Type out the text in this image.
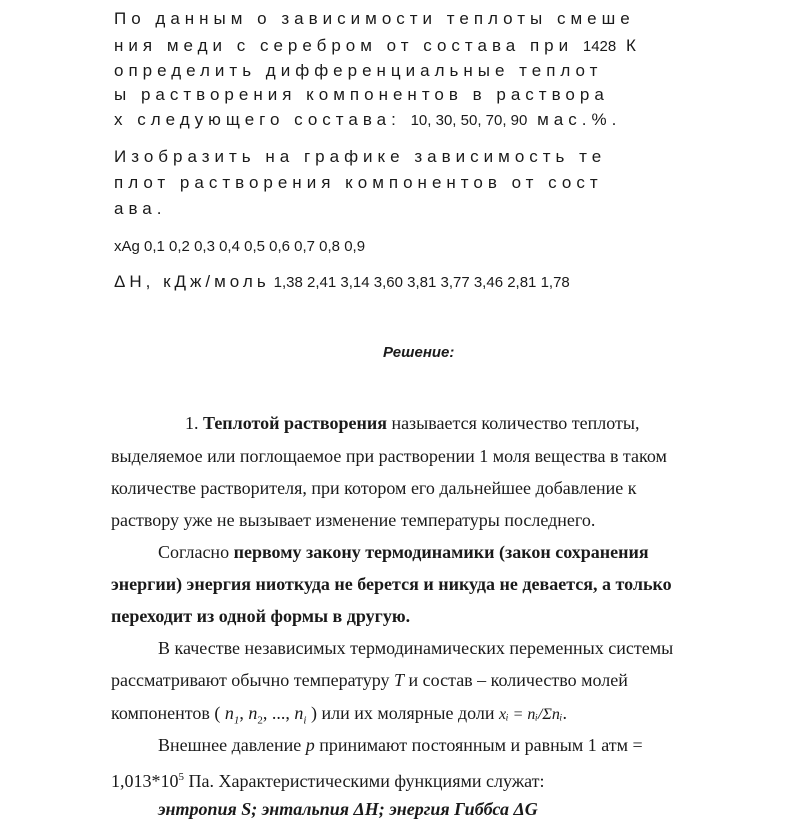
По данным о зависимости теплоты смеше
ния меди с серебром от состава при 1428 К
определить дифференциальные теплот
ы растворения компонентов в раствора
х следующего состава: 10, 30, 50, 70, 90 мас.%.
Изобразить на графике зависимость те
плот растворения компонентов от сост
ава.
xAg 0,1 0,2 0,3 0,4 0,5 0,6 0,7 0,8 0,9
ΔН, кДж/моль 1,38 2,41 3,14 3,60 3,81 3,77 3,46 2,81 1,78
Решение:
1. Теплотой растворения называется количество теплоты,
выделяемое или поглощаемое при растворении 1 моля вещества в таком
количестве растворителя, при котором его дальнейшее добавление к
раствору уже не вызывает изменение температуры последнего.
Согласно первому закону термодинамики (закон сохранения
энергии) энергия ниоткуда не берется и никуда не девается, а только
переходит из одной формы в другую.
В качестве независимых термодинамических переменных системы
рассматривают обычно температуру T и состав – количество молей
компонентов ( $n_1$, $n_2$, ..., $n_i$ ) или их молярные доли xᵢ = nᵢ/Σnᵢ.
Внешнее давление p принимают постоянным и равным 1 атм =
$1,013*10^5$ Па. Характеристическими функциями служат:
энтропия S; энтальпия ΔН; энергия Гиббса ΔG
